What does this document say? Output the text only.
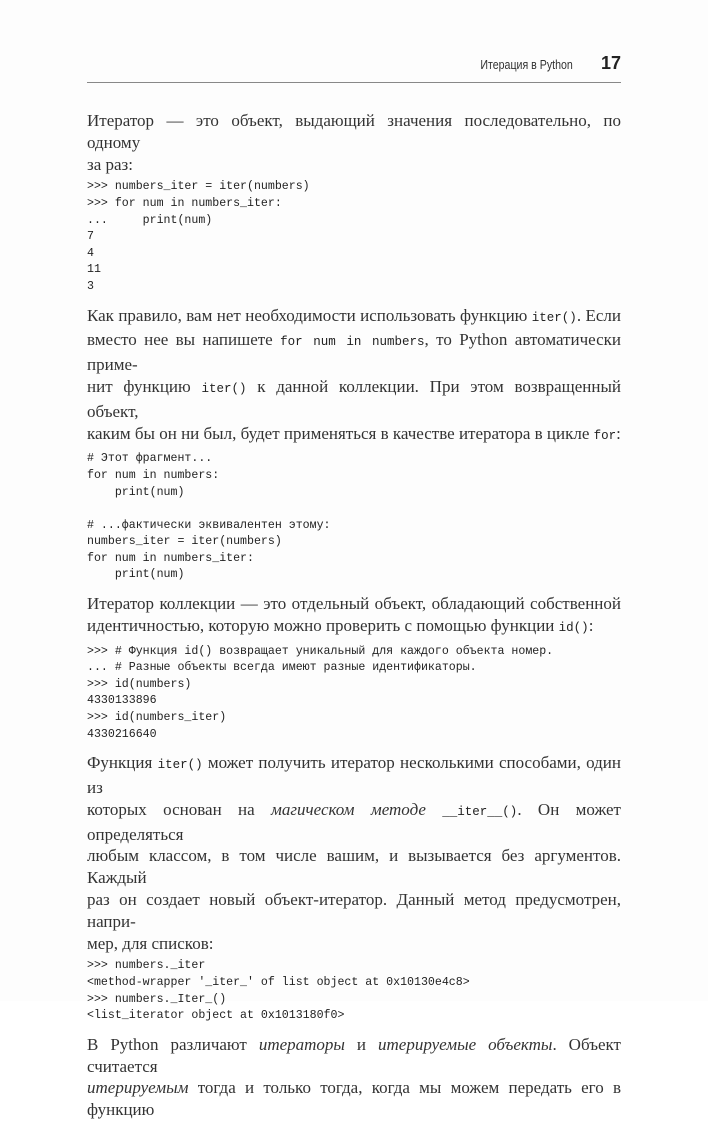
Итерация в Python 17
Итератор — это объект, выдающий значения последовательно, по одному
за раз:
>>> numbers_iter = iter(numbers)
>>> for num in numbers_iter:
...     print(num)
7
4
11
3
Как правило, вам нет необходимости использовать функцию iter(). Если
вместо нее вы напишете for num in numbers, то Python автоматически приме-
нит функцию iter() к данной коллекции. При этом возвращенный объект,
каким бы он ни был, будет применяться в качестве итератора в цикле for:
# Этот фрагмент...
for num in numbers:
print(num)
# ...фактически эквивалентен этому:
numbers_iter = iter(numbers)
for num in numbers_iter:
print(num)
Итератор коллекции — это отдельный объект, обладающий собственной
идентичностью, которую можно проверить с помощью функции id():
>>> # Функция id() возвращает уникальный для каждого объекта номер.
... # Разные объекты всегда имеют разные идентификаторы.
>>> id(numbers)
4330133896
>>> id(numbers_iter)
4330216640
Функция iter() может получить итератор несколькими способами, один из
которых основан на магическом методе __iter__(). Он может определяться
любым классом, в том числе вашим, и вызывается без аргументов. Каждый
раз он создает новый объект-итератор. Данный метод предусмотрен, напри-
мер, для списков:
>>> numbers._iter
<method-wrapper '_iter_' of list object at 0x10130e4c8>
>>> numbers._Iter_()
<list_iterator object at 0x1013180f0>
В Python различают итераторы и итерируемые объекты. Объект считается
итерируемым тогда и только тогда, когда мы можем передать его в функцию
